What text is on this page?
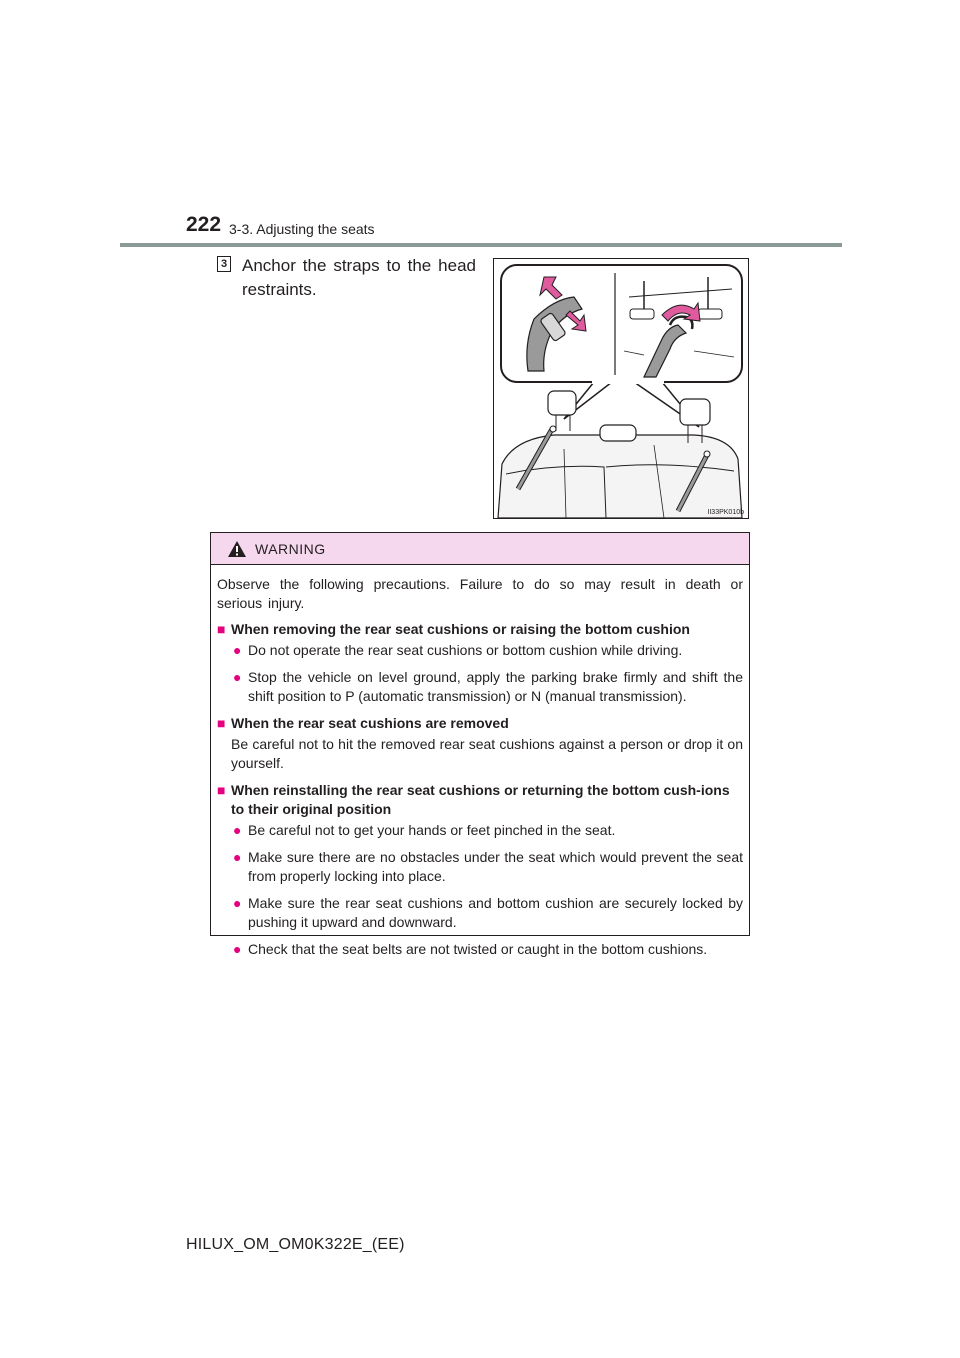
222 3-3. Adjusting the seats
3 Anchor the straps to the head restraints.
II33PK010b
WARNING

Observe the following precautions. Failure to do so may result in death or serious injury.

■ When removing the rear seat cushions or raising the bottom cushion
● Do not operate the rear seat cushions or bottom cushion while driving.
● Stop the vehicle on level ground, apply the parking brake firmly and shift the shift position to P (automatic transmission) or N (manual transmission).
■ When the rear seat cushions are removed

Be careful not to hit the removed rear seat cushions against a person or drop it on yourself.

■ When reinstalling the rear seat cushions or returning the bottom cush-ions to their original position
● Be careful not to get your hands or feet pinched in the seat.
● Make sure there are no obstacles under the seat which would prevent the seat from properly locking into place.
● Make sure the rear seat cushions and bottom cushion are securely locked by pushing it upward and downward.
● Check that the seat belts are not twisted or caught in the bottom cushions.
HILUX_OM_OM0K322E_(EE)
